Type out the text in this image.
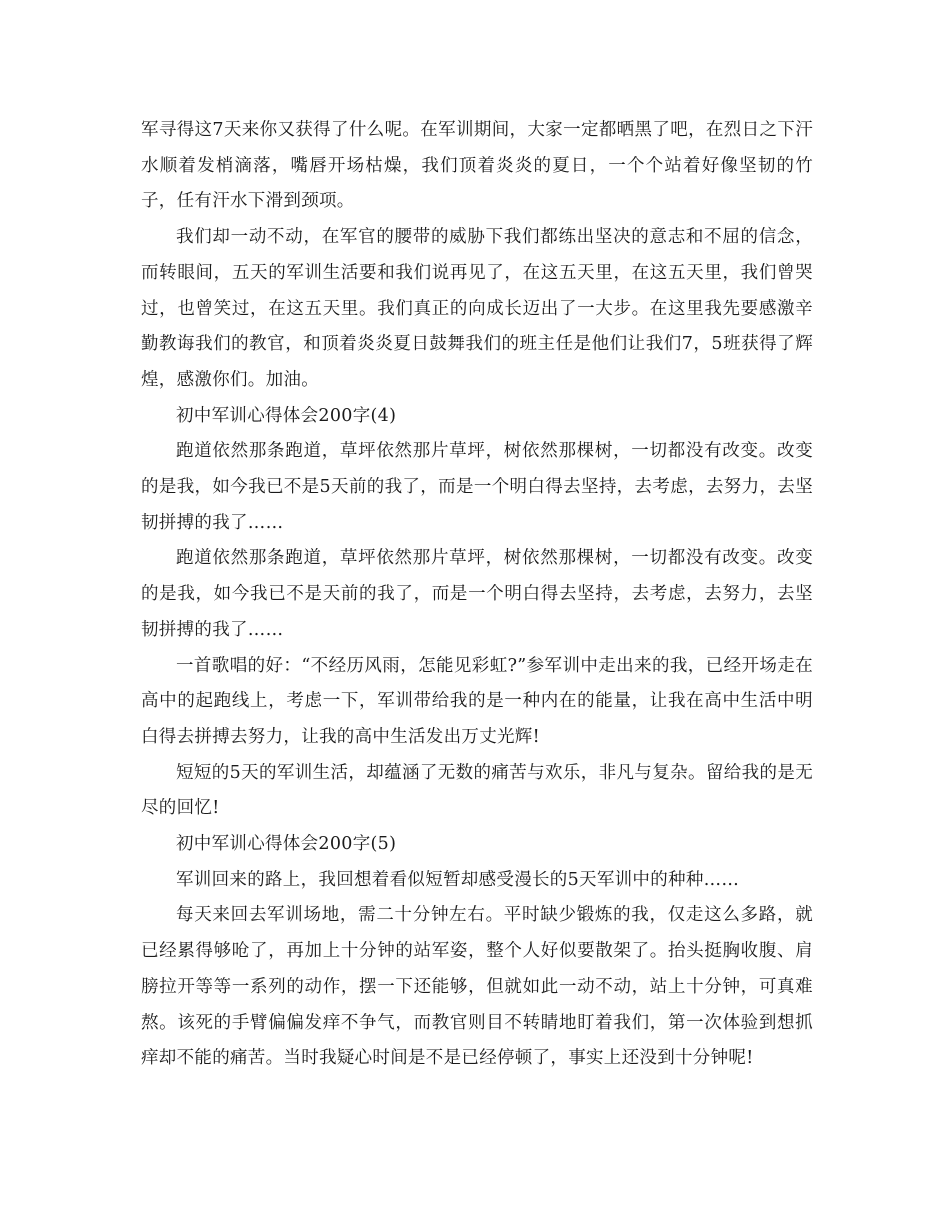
军寻得这7天来你又获得了什么呢。在军训期间，大家一定都晒黑了吧，在烈日之下汗水顺着发梢滴落，嘴唇开场枯燥，我们顶着炎炎的夏日，一个个站着好像坚韧的竹子，任有汗水下滑到颈项。

我们却一动不动，在军官的腰带的威胁下我们都练出坚决的意志和不屈的信念，而转眼间，五天的军训生活要和我们说再见了，在这五天里，在这五天里，我们曾哭过，也曾笑过，在这五天里。我们真正的向成长迈出了一大步。在这里我先要感激辛勤教诲我们的教官，和顶着炎炎夏日鼓舞我们的班主任是他们让我们7，5班获得了辉煌，感激你们。加油。

初中军训心得体会200字(4)

跑道依然那条跑道，草坪依然那片草坪，树依然那棵树，一切都没有改变。改变的是我，如今我已不是5天前的我了，而是一个明白得去坚持，去考虑，去努力，去坚韧拼搏的我了……

跑道依然那条跑道，草坪依然那片草坪，树依然那棵树，一切都没有改变。改变的是我，如今我已不是天前的我了，而是一个明白得去坚持，去考虑，去努力，去坚韧拼搏的我了……

一首歌唱的好：“不经历风雨，怎能见彩虹?”参军训中走出来的我，已经开场走在高中的起跑线上，考虑一下，军训带给我的是一种内在的能量，让我在高中生活中明白得去拼搏去努力，让我的高中生活发出万丈光辉!

短短的5天的军训生活，却蕴涵了无数的痛苦与欢乐，非凡与复杂。留给我的是无尽的回忆!

初中军训心得体会200字(5)

军训回来的路上，我回想着看似短暂却感受漫长的5天军训中的种种……

每天来回去军训场地，需二十分钟左右。平时缺少锻炼的我，仅走这么多路，就已经累得够呛了，再加上十分钟的站军姿，整个人好似要散架了。抬头挺胸收腹、肩膀拉开等等一系列的动作，摆一下还能够，但就如此一动不动，站上十分钟，可真难熬。该死的手臂偏偏发痒不争气，而教官则目不转睛地盯着我们，第一次体验到想抓痒却不能的痛苦。当时我疑心时间是不是已经停顿了，事实上还没到十分钟呢!
